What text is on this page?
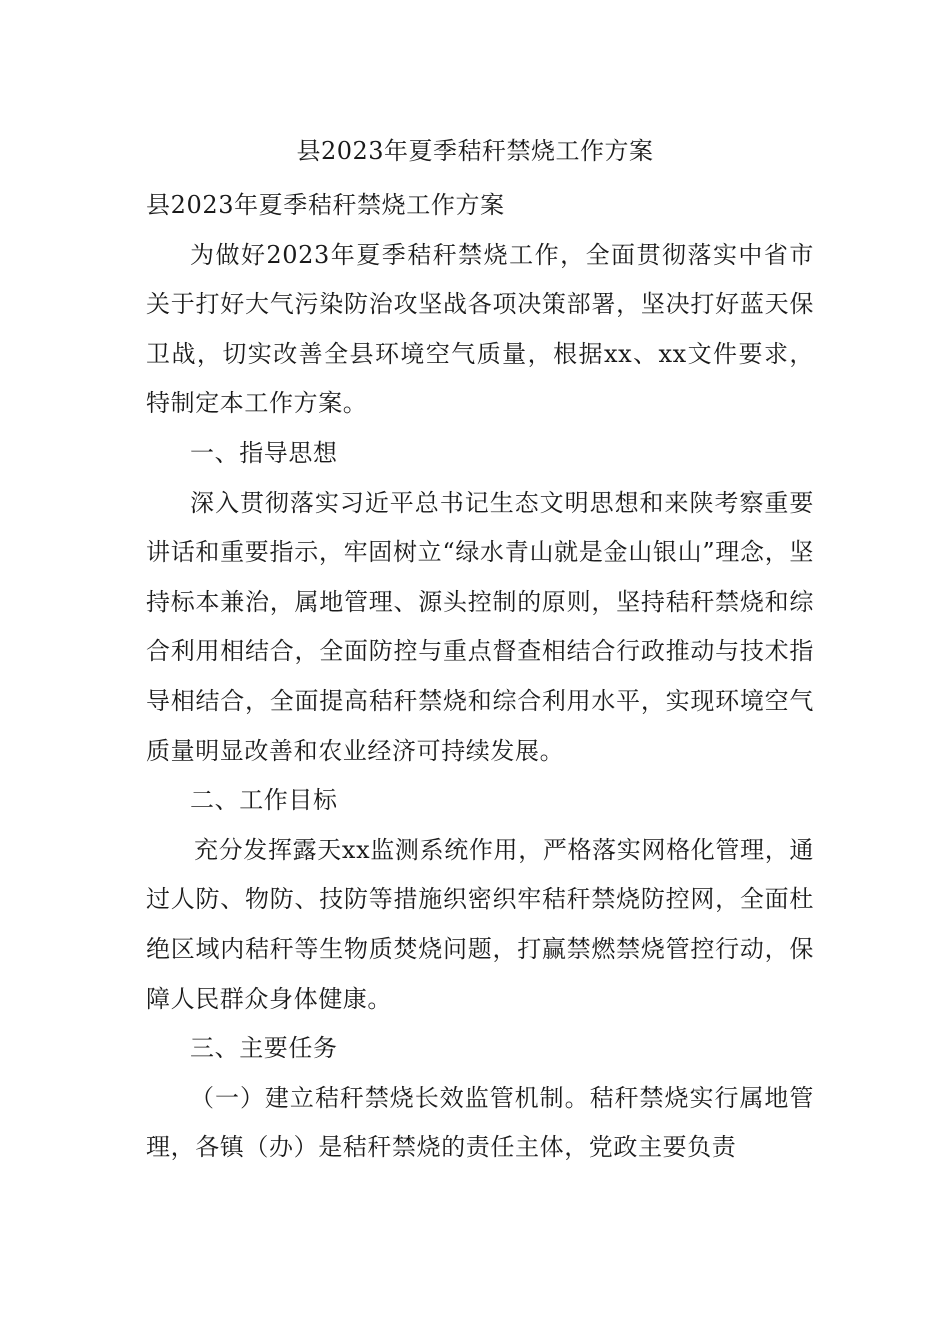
县2023年夏季秸秆禁烧工作方案

县2023年夏季秸秆禁烧工作方案

为做好2023年夏季秸秆禁烧工作，全面贯彻落实中省市关于打好大气污染防治攻坚战各项决策部署，坚决打好蓝天保卫战，切实改善全县环境空气质量，根据xx、xx文件要求，特制定本工作方案。

一、指导思想

深入贯彻落实习近平总书记生态文明思想和来陕考察重要讲话和重要指示，牢固树立“绿水青山就是金山银山”理念，坚持标本兼治，属地管理、源头控制的原则，坚持秸秆禁烧和综合利用相结合，全面防控与重点督查相结合行政推动与技术指导相结合，全面提高秸秆禁烧和综合利用水平，实现环境空气质量明显改善和农业经济可持续发展。

二、工作目标

充分发挥露天xx监测系统作用，严格落实网格化管理，通过人防、物防、技防等措施织密织牢秸秆禁烧防控网，全面杜绝区域内秸秆等生物质焚烧问题，打赢禁燃禁烧管控行动，保障人民群众身体健康。

三、主要任务

（一）建立秸秆禁烧长效监管机制。秸秆禁烧实行属地管理，各镇（办）是秸秆禁烧的责任主体，党政主要负责
